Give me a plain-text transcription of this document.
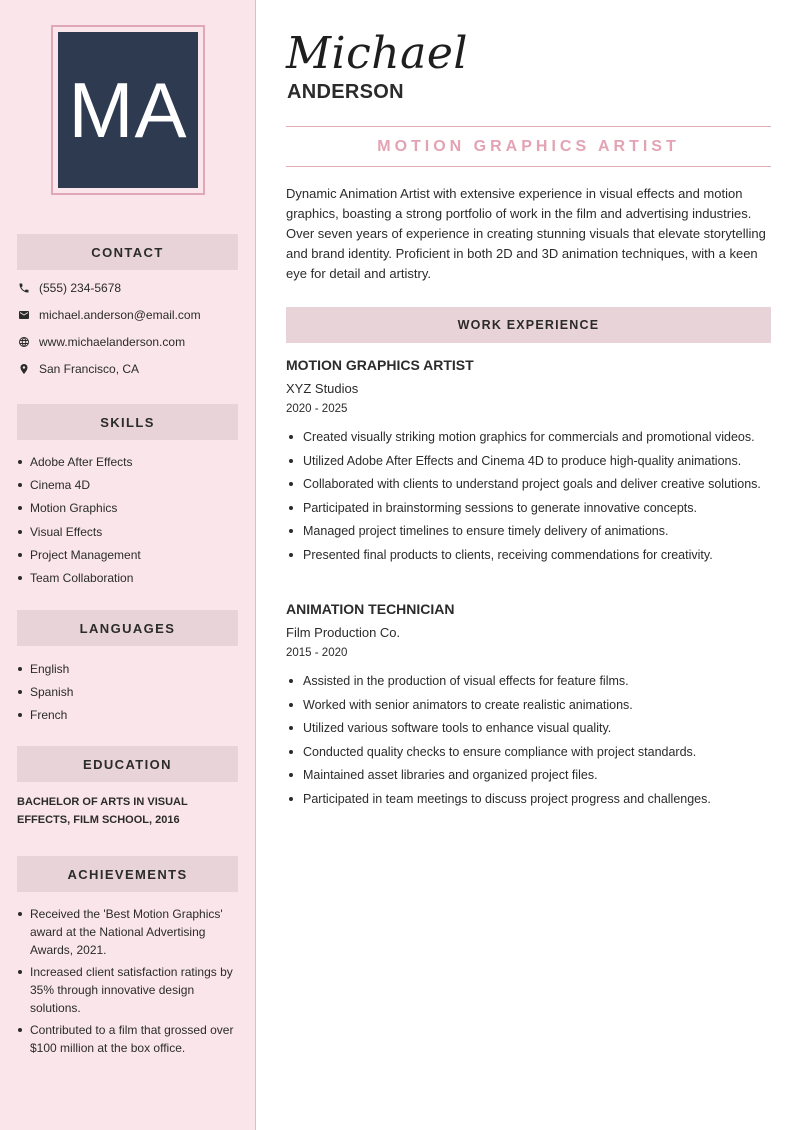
MA
CONTACT
(555) 234-5678
michael.anderson@email.com
www.michaelanderson.com
San Francisco, CA
SKILLS
Adobe After Effects
Cinema 4D
Motion Graphics
Visual Effects
Project Management
Team Collaboration
LANGUAGES
English
Spanish
French
EDUCATION
BACHELOR OF ARTS IN VISUAL EFFECTS, FILM SCHOOL, 2016
ACHIEVEMENTS
Received the 'Best Motion Graphics' award at the National Advertising Awards, 2021.
Increased client satisfaction ratings by 35% through innovative design solutions.
Contributed to a film that grossed over $100 million at the box office.
Michael
ANDERSON
MOTION GRAPHICS ARTIST

Dynamic Animation Artist with extensive experience in visual effects and motion graphics, boasting a strong portfolio of work in the film and advertising industries. Over seven years of experience in creating stunning visuals that elevate storytelling and brand identity. Proficient in both 2D and 3D animation techniques, with a keen eye for detail and artistry.

WORK EXPERIENCE
MOTION GRAPHICS ARTIST
XYZ Studios
2020 - 2025
Created visually striking motion graphics for commercials and promotional videos.
Utilized Adobe After Effects and Cinema 4D to produce high-quality animations.
Collaborated with clients to understand project goals and deliver creative solutions.
Participated in brainstorming sessions to generate innovative concepts.
Managed project timelines to ensure timely delivery of animations.
Presented final products to clients, receiving commendations for creativity.
ANIMATION TECHNICIAN
Film Production Co.
2015 - 2020
Assisted in the production of visual effects for feature films.
Worked with senior animators to create realistic animations.
Utilized various software tools to enhance visual quality.
Conducted quality checks to ensure compliance with project standards.
Maintained asset libraries and organized project files.
Participated in team meetings to discuss project progress and challenges.
